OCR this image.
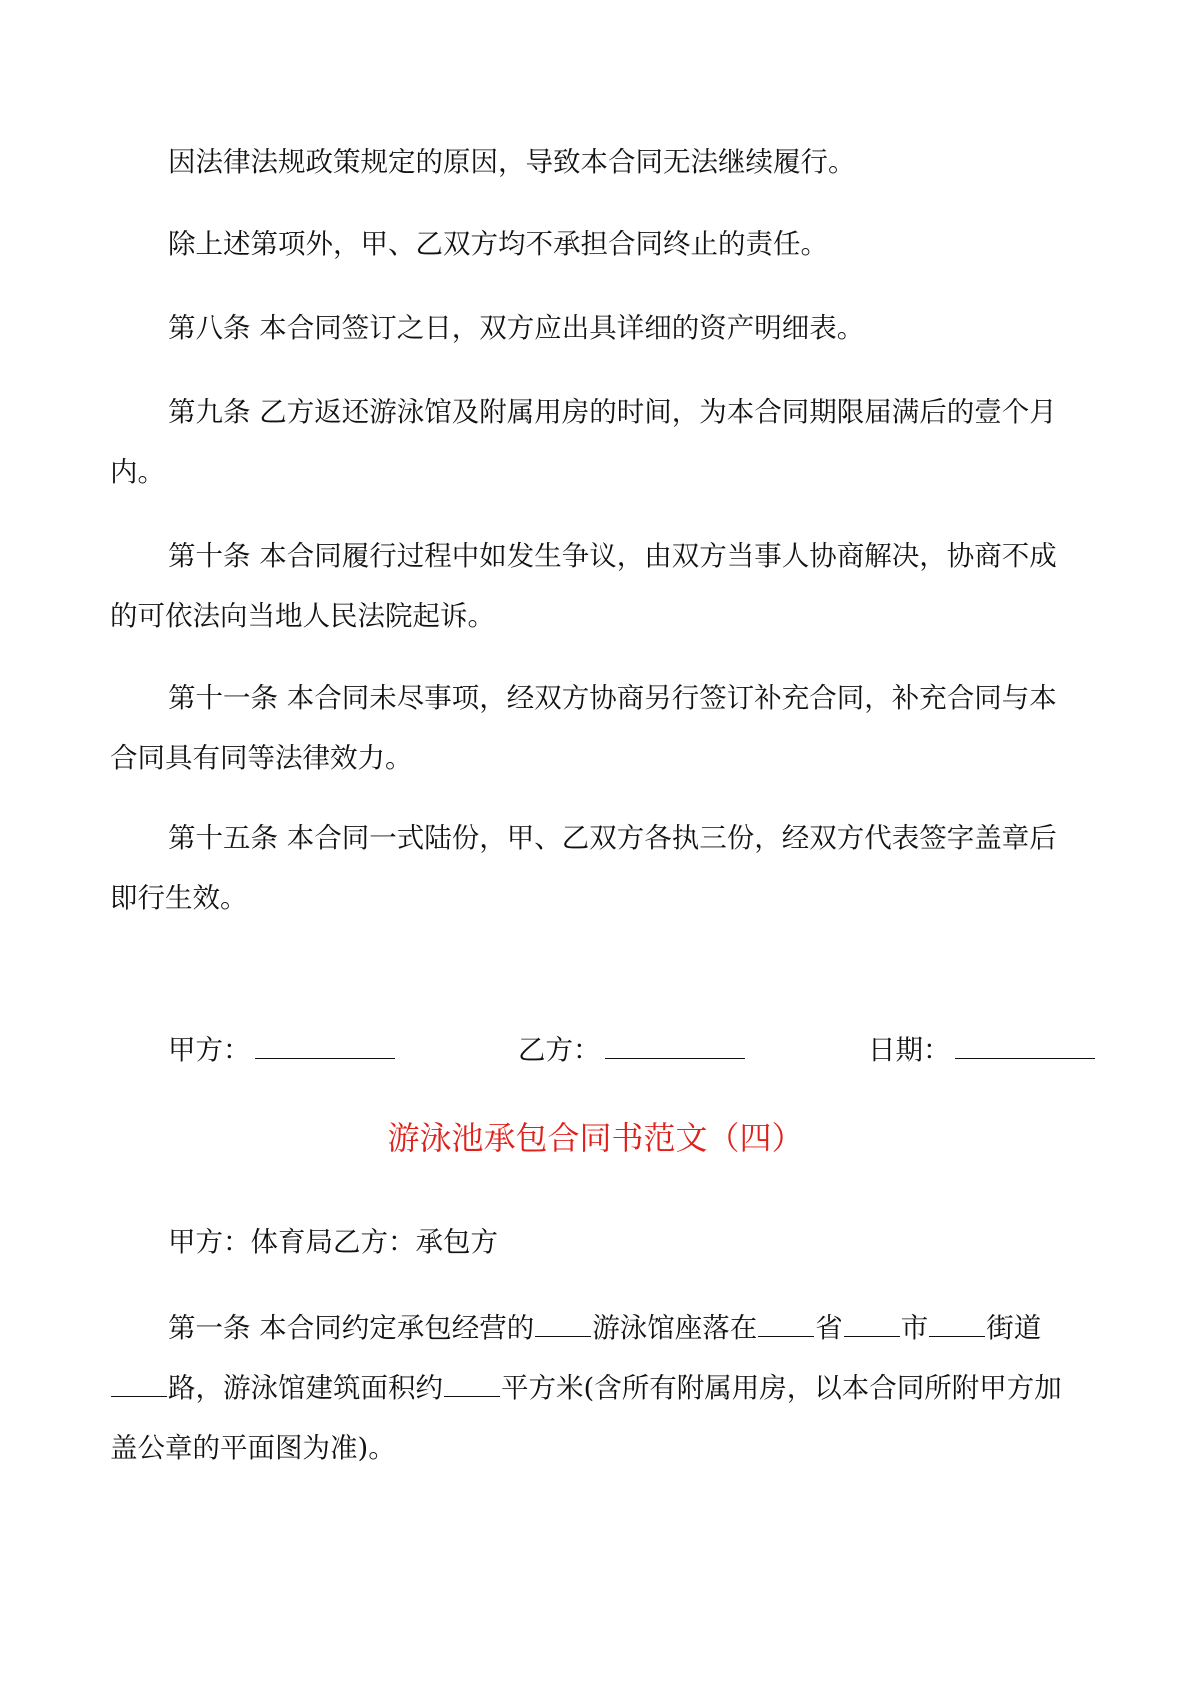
因法律法规政策规定的原因，导致本合同无法继续履行。

除上述第项外，甲、乙双方均不承担合同终止的责任。

第八条 本合同签订之日，双方应出具详细的资产明细表。

第九条 乙方返还游泳馆及附属用房的时间，为本合同期限届满后的壹个月内。

第十条 本合同履行过程中如发生争议，由双方当事人协商解决，协商不成的可依法向当地人民法院起诉。

第十一条 本合同未尽事项，经双方协商另行签订补充合同，补充合同与本合同具有同等法律效力。

第十五条 本合同一式陆份，甲、乙双方各执三份，经双方代表签字盖章后即行生效。

甲方：	乙方：	日期：
游泳池承包合同书范文（四）

甲方：体育局乙方：承包方

第一条 本合同约定承包经营的 游泳馆座落在 省 市 街道路，游泳馆建筑面积约 平方米(含所有附属用房，以本合同所附甲方加盖公章的平面图为准)。
